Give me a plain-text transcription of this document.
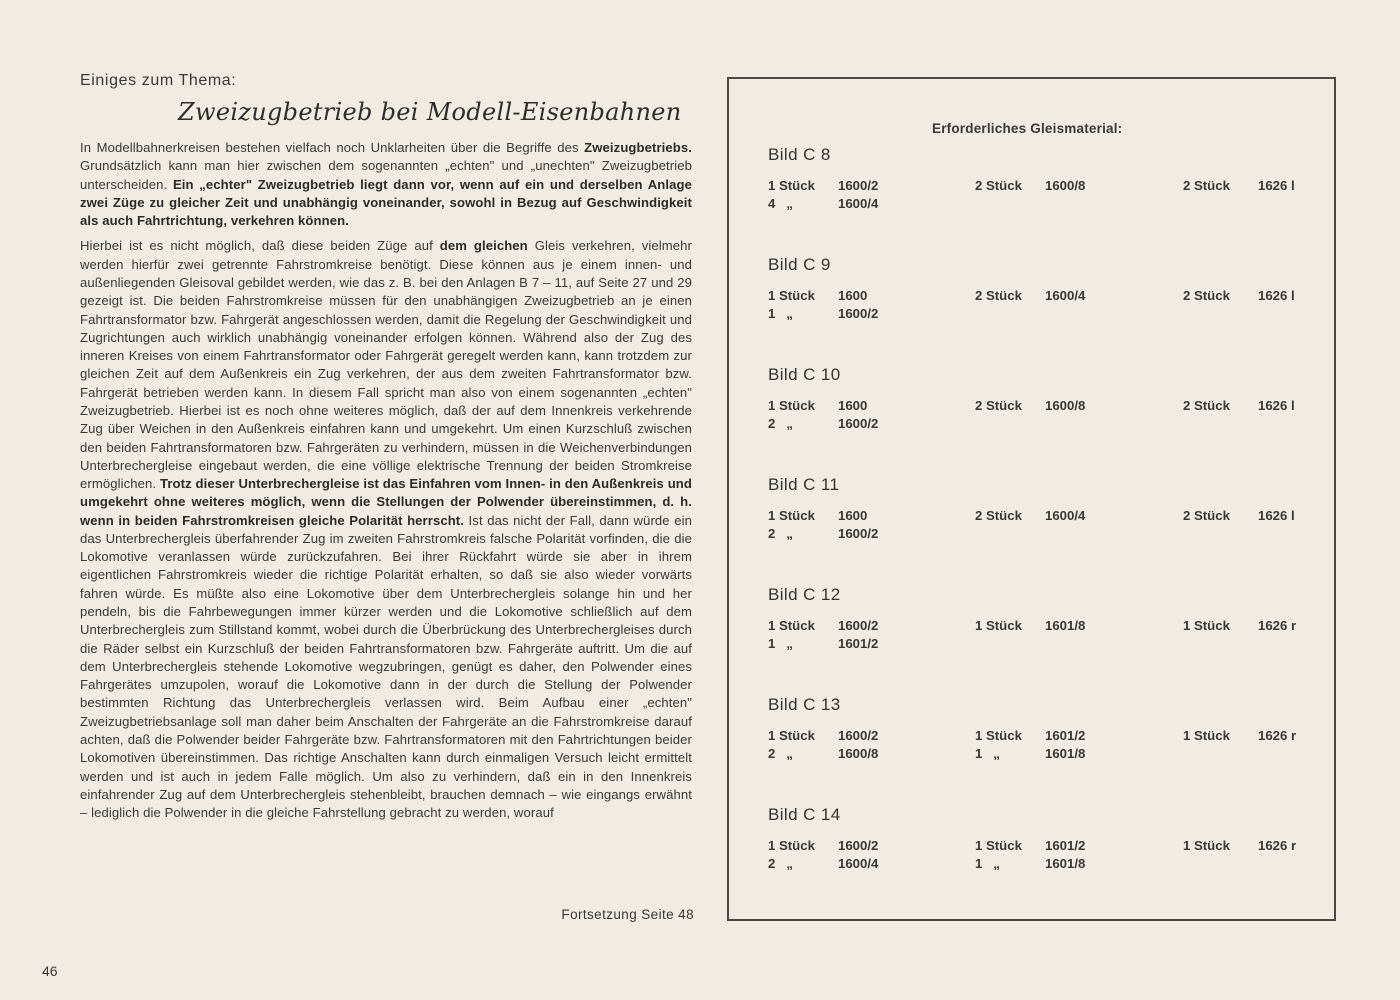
Einiges zum Thema:
Zweizugbetrieb bei Modell-Eisenbahnen

In Modellbahnerkreisen bestehen vielfach noch Unklarheiten über die Begriffe des Zweizugbetriebs. Grundsätzlich kann man hier zwischen dem sogenannten „echten" und „unechten" Zweizugbetrieb unterscheiden. Ein „echter" Zweizugbetrieb liegt dann vor, wenn auf ein und derselben Anlage zwei Züge zu gleicher Zeit und unabhängig voneinander, sowohl in Bezug auf Geschwindigkeit als auch Fahrtrichtung, verkehren können.

Hierbei ist es nicht möglich, daß diese beiden Züge auf dem gleichen Gleis verkehren, vielmehr werden hierfür zwei getrennte Fahrstromkreise benötigt. Diese können aus je einem innen- und außenliegenden Gleisoval gebildet werden, wie das z. B. bei den Anlagen B 7 – 11, auf Seite 27 und 29 gezeigt ist. Die beiden Fahrstromkreise müssen für den unabhängigen Zweizugbetrieb an je einen Fahrtransformator bzw. Fahrgerät angeschlossen werden, damit die Regelung der Geschwindigkeit und Zugrichtungen auch wirklich unabhängig voneinander erfolgen können. Während also der Zug des inneren Kreises von einem Fahrtransformator oder Fahrgerät geregelt werden kann, kann trotzdem zur gleichen Zeit auf dem Außenkreis ein Zug verkehren, der aus dem zweiten Fahrtransformator bzw. Fahrgerät betrieben werden kann. In diesem Fall spricht man also von einem sogenannten „echten" Zweizugbetrieb. Hierbei ist es noch ohne weiteres möglich, daß der auf dem Innenkreis verkehrende Zug über Weichen in den Außenkreis einfahren kann und umgekehrt. Um einen Kurzschluß zwischen den beiden Fahrtransformatoren bzw. Fahrgeräten zu verhindern, müssen in die Weichenverbindungen Unterbrechergleise eingebaut werden, die eine völlige elektrische Trennung der beiden Stromkreise ermöglichen. Trotz dieser Unterbrechergleise ist das Einfahren vom Innen- in den Außenkreis und umgekehrt ohne weiteres möglich, wenn die Stellungen der Polwender übereinstimmen, d. h. wenn in beiden Fahrstromkreisen gleiche Polarität herrscht. Ist das nicht der Fall, dann würde ein das Unterbrechergleis überfahrender Zug im zweiten Fahrstromkreis falsche Polarität vorfinden, die die Lokomotive veranlassen würde zurückzufahren. Bei ihrer Rückfahrt würde sie aber in ihrem eigentlichen Fahrstromkreis wieder die richtige Polarität erhalten, so daß sie also wieder vorwärts fahren würde. Es müßte also eine Lokomotive über dem Unterbrechergleis solange hin und her pendeln, bis die Fahrbewegungen immer kürzer werden und die Lokomotive schließlich auf dem Unterbrechergleis zum Stillstand kommt, wobei durch die Überbrückung des Unterbrechergleises durch die Räder selbst ein Kurzschluß der beiden Fahrtransformatoren bzw. Fahrgeräte auftritt. Um die auf dem Unterbrechergleis stehende Lokomotive wegzubringen, genügt es daher, den Polwender eines Fahrgerätes umzupolen, worauf die Lokomotive dann in der durch die Stellung der Polwender bestimmten Richtung das Unterbrechergleis verlassen wird. Beim Aufbau einer „echten" Zweizugbetriebsanlage soll man daher beim Anschalten der Fahrgeräte an die Fahrstromkreise darauf achten, daß die Polwender beider Fahrgeräte bzw. Fahrtransformatoren mit den Fahrtrichtungen beider Lokomotiven übereinstimmen. Das richtige Anschalten kann durch einmaligen Versuch leicht ermittelt werden und ist auch in jedem Falle möglich. Um also zu verhindern, daß ein in den Innenkreis einfahrender Zug auf dem Unterbrechergleis stehenbleibt, brauchen demnach – wie eingangs erwähnt – lediglich die Polwender in die gleiche Fahrstellung gebracht zu werden, worauf

Fortsetzung Seite 48
46
Erforderliches Gleismaterial:
Bild C 8
1 Stück 1600/2	2 Stück 1600/8	2 Stück 1626 l
4   „	1600/4
Bild C 9
1 Stück 1600	2 Stück 1600/4	2 Stück 1626 l
1   „	1600/2
Bild C 10
1 Stück 1600	2 Stück 1600/8	2 Stück 1626 l
2   „	1600/2
Bild C 11
1 Stück 1600	2 Stück 1600/4	2 Stück 1626 l
2   „	1600/2
Bild C 12
1 Stück 1600/2	1 Stück 1601/8	1 Stück 1626 r
1   „	1601/2
Bild C 13
1 Stück 1600/2	1 Stück 1601/2	1 Stück 1626 r
2   „	1600/8	1   „	1601/8
Bild C 14
1 Stück 1600/2	1 Stück 1601/2	1 Stück 1626 r
2   „	1600/4	1   „	1601/8
